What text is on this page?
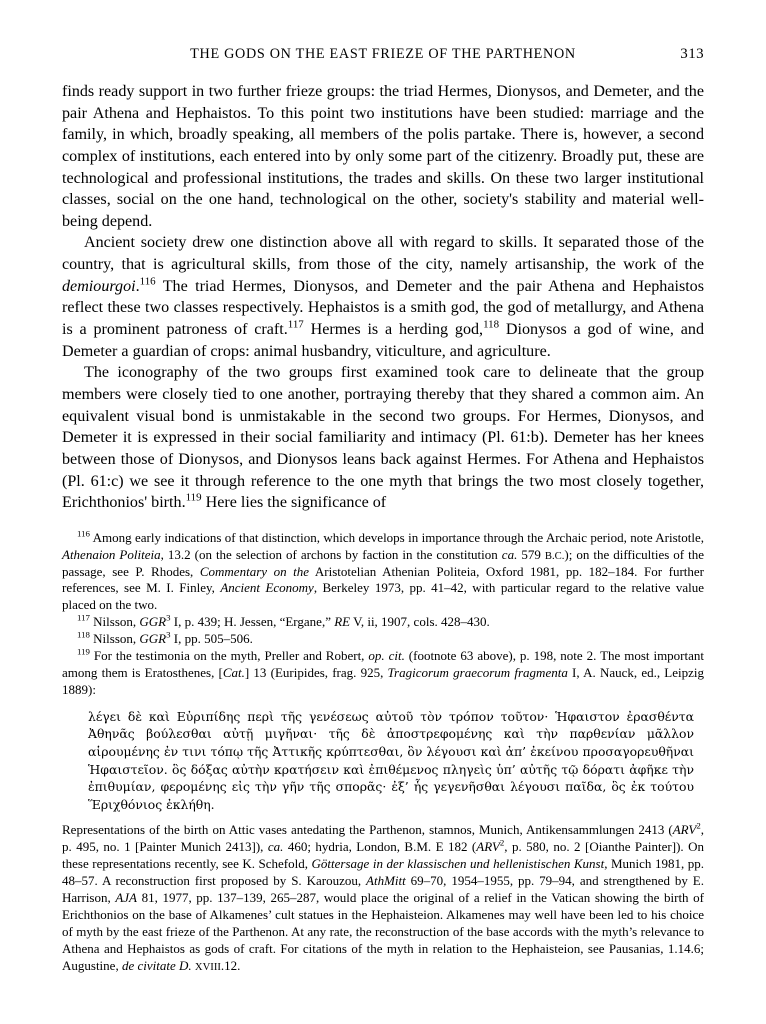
THE GODS ON THE EAST FRIEZE OF THE PARTHENON	313

finds ready support in two further frieze groups: the triad Hermes, Dionysos, and Demeter, and the pair Athena and Hephaistos. To this point two institutions have been studied: marriage and the family, in which, broadly speaking, all members of the polis partake. There is, however, a second complex of institutions, each entered into by only some part of the citizenry. Broadly put, these are technological and professional institutions, the trades and skills. On these two larger institutional classes, social on the one hand, technological on the other, society's stability and material well-being depend.

Ancient society drew one distinction above all with regard to skills. It separated those of the country, that is agricultural skills, from those of the city, namely artisanship, the work of the demiourgoi.$^{116}$ The triad Hermes, Dionysos, and Demeter and the pair Athena and Hephaistos reflect these two classes respectively. Hephaistos is a smith god, the god of metallurgy, and Athena is a prominent patroness of craft.$^{117}$ Hermes is a herding god,$^{118}$ Dionysos a god of wine, and Demeter a guardian of crops: animal husbandry, viticulture, and agriculture.

The iconography of the two groups first examined took care to delineate that the group members were closely tied to one another, portraying thereby that they shared a common aim. An equivalent visual bond is unmistakable in the second two groups. For Hermes, Dionysos, and Demeter it is expressed in their social familiarity and intimacy (Pl. 61:b). Demeter has her knees between those of Dionysos, and Dionysos leans back against Hermes. For Athena and Hephaistos (Pl. 61:c) we see it through reference to the one myth that brings the two most closely together, Erichthonios' birth.$^{119}$ Here lies the significance of

$^{116}$ Among early indications of that distinction, which develops in importance through the Archaic period, note Aristotle, Athenaion Politeia, 13.2 (on the selection of archons by faction in the constitution ca. 579 B.C.); on the difficulties of the passage, see P. Rhodes, Commentary on the Aristotelian Athenian Politeia, Oxford 1981, pp. 182–184. For further references, see M. I. Finley, Ancient Economy, Berkeley 1973, pp. 41–42, with particular regard to the relative value placed on the two.

$^{117}$ Nilsson, GGR$^3$ I, p. 439; H. Jessen, “Ergane,” RE V, ii, 1907, cols. 428–430.

$^{118}$ Nilsson, GGR$^3$ I, pp. 505–506.

$^{119}$ For the testimonia on the myth, Preller and Robert, op. cit. (footnote 63 above), p. 198, note 2. The most important among them is Eratosthenes, [Cat.] 13 (Euripides, frag. 925, Tragicorum graecorum fragmenta I, A. Nauck, ed., Leipzig 1889):

λέγει δὲ καὶ Εὐριπίδης περὶ τῆς γενέσεως αὐτοῦ τὸν τρόπον τοῦτον· Ἡφαιστον ἐρασθέντα Ἀθηνᾶς βούλεσθαι αὐτῇ μιγῆναι· τῆς δὲ ἀποστρεφομένης καὶ τὴν παρθενίαν μᾶλλον αἱρουμένης ἐν τινι τόπῳ τῆς Ἀττικῆς κρύπτεσθαι, ὃν λέγουσι καὶ ἀπ’ ἐκείνου προσαγορευθῆναι Ἡφαιστεῖον. ὃς δόξας αὐτὴν κρατήσειν καὶ ἐπιθέμενος πληγεὶς ὑπ’ αὐτῆς τῷ δόρατι ἀφῆκε τὴν ἐπιθυμίαν, φερομένης εἰς τὴν γῆν τῆς σπορᾶς· ἐξ’ ἧς γεγενῆσθαι λέγουσι παῖδα, ὃς ἐκ τούτου Ἕριχθόνιος ἐκλήθη.

Representations of the birth on Attic vases antedating the Parthenon, stamnos, Munich, Antikensammlungen 2413 (ARV$^2$, p. 495, no. 1 [Painter Munich 2413]), ca. 460; hydria, London, B.M. E 182 (ARV$^2$, p. 580, no. 2 [Oianthe Painter]). On these representations recently, see K. Schefold, Göttersage in der klassischen und hellenistischen Kunst, Munich 1981, pp. 48–57. A reconstruction first proposed by S. Karouzou, AthMitt 69–70, 1954–1955, pp. 79–94, and strengthened by E. Harrison, AJA 81, 1977, pp. 137–139, 265–287, would place the original of a relief in the Vatican showing the birth of Erichthonios on the base of Alkamenes’ cult statues in the Hephaisteion. Alkamenes may well have been led to his choice of myth by the east frieze of the Parthenon. At any rate, the reconstruction of the base accords with the myth’s relevance to Athena and Hephaistos as gods of craft. For citations of the myth in relation to the Hephaisteion, see Pausanias, 1.14.6; Augustine, de civitate D. XVIII.12.
